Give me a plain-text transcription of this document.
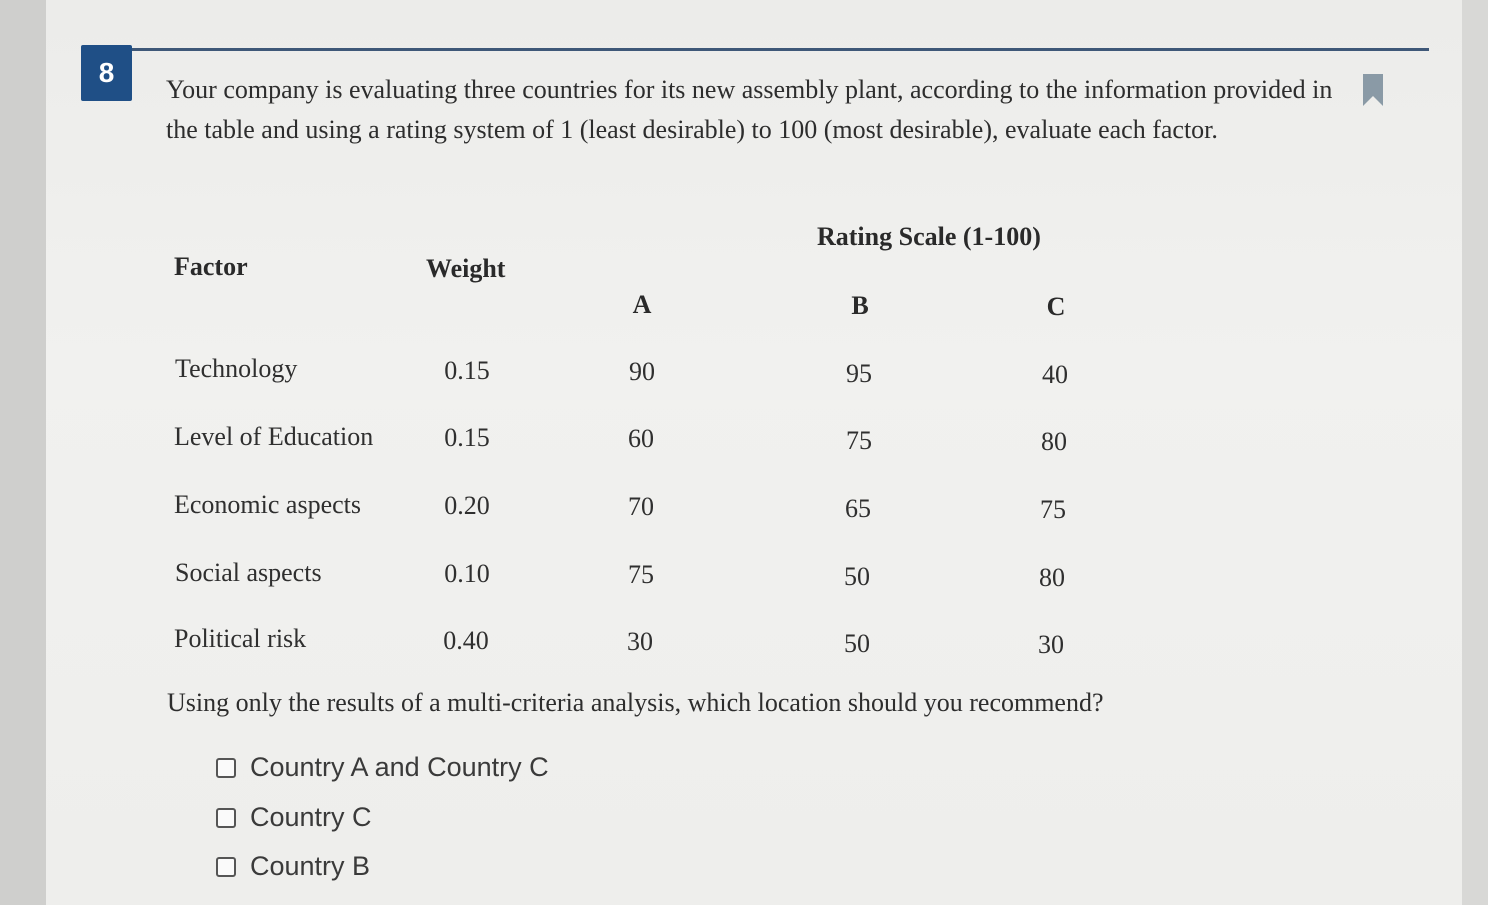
8
Your company is evaluating three countries for its new assembly plant, according to the information provided in the table and using a rating system of 1 (least desirable) to 100 (most desirable), evaluate each factor.
Rating Scale (1-100)
Factor	Weight
A	B	C
Technology	0.15	90	95	40
Level of Education	0.15	60	75	80
Economic aspects	0.20	70	65	75
Social aspects	0.10	75	50	80
Political risk	0.40	30	50	30
Using only the results of a multi-criteria analysis, which location should you recommend?
Country A and Country C
Country C
Country B
